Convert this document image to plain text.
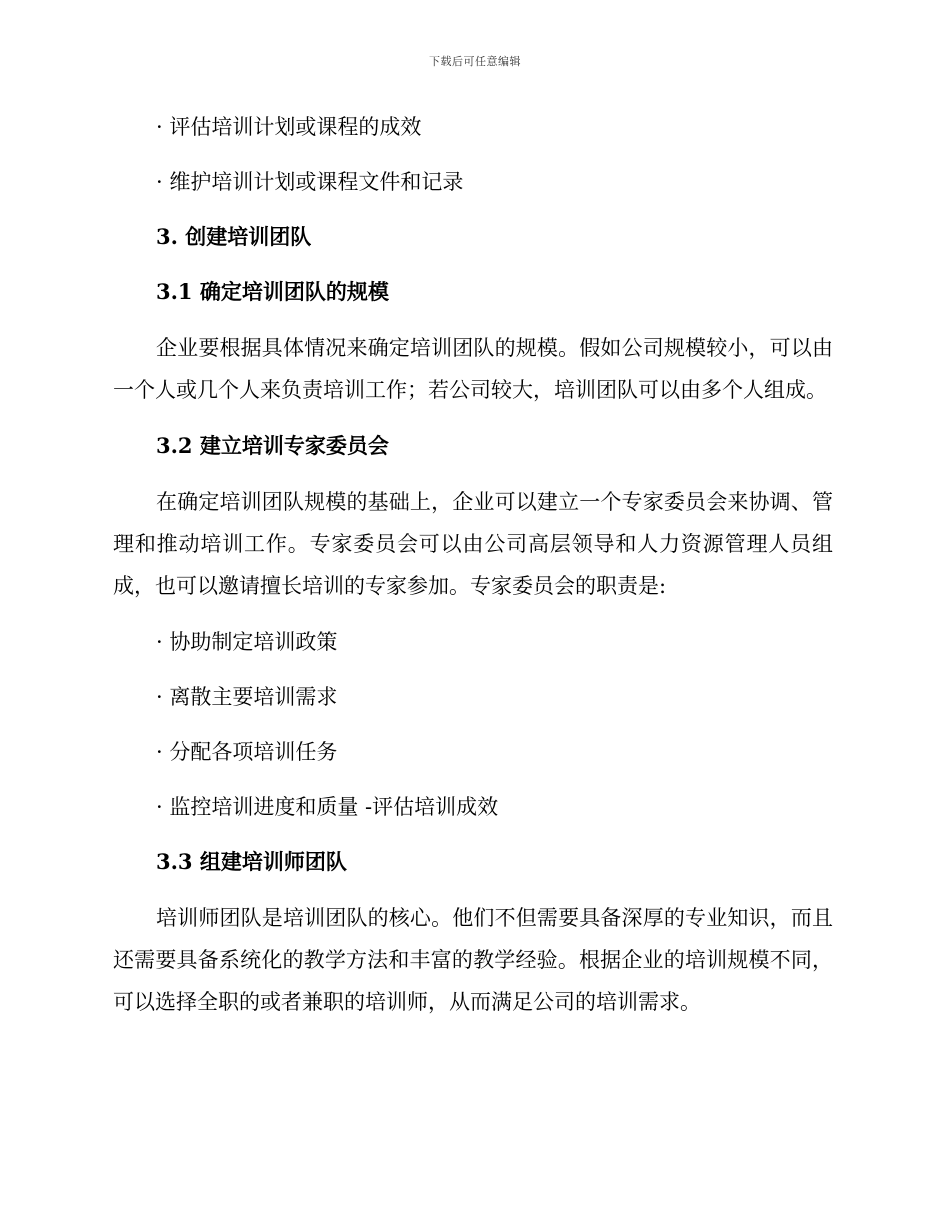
下载后可任意编辑
· 评估培训计划或课程的成效
· 维护培训计划或课程文件和记录
3. 创建培训团队
3.1 确定培训团队的规模

企业要根据具体情况来确定培训团队的规模。假如公司规模较小，可以由一个人或几个人来负责培训工作；若公司较大，培训团队可以由多个人组成。

3.2 建立培训专家委员会

在确定培训团队规模的基础上，企业可以建立一个专家委员会来协调、管理和推动培训工作。专家委员会可以由公司高层领导和人力资源管理人员组成，也可以邀请擅长培训的专家参加。专家委员会的职责是:

· 协助制定培训政策
· 离散主要培训需求
· 分配各项培训任务
· 监控培训进度和质量 -评估培训成效
3.3 组建培训师团队

培训师团队是培训团队的核心。他们不但需要具备深厚的专业知识，而且还需要具备系统化的教学方法和丰富的教学经验。根据企业的培训规模不同，可以选择全职的或者兼职的培训师，从而满足公司的培训需求。
